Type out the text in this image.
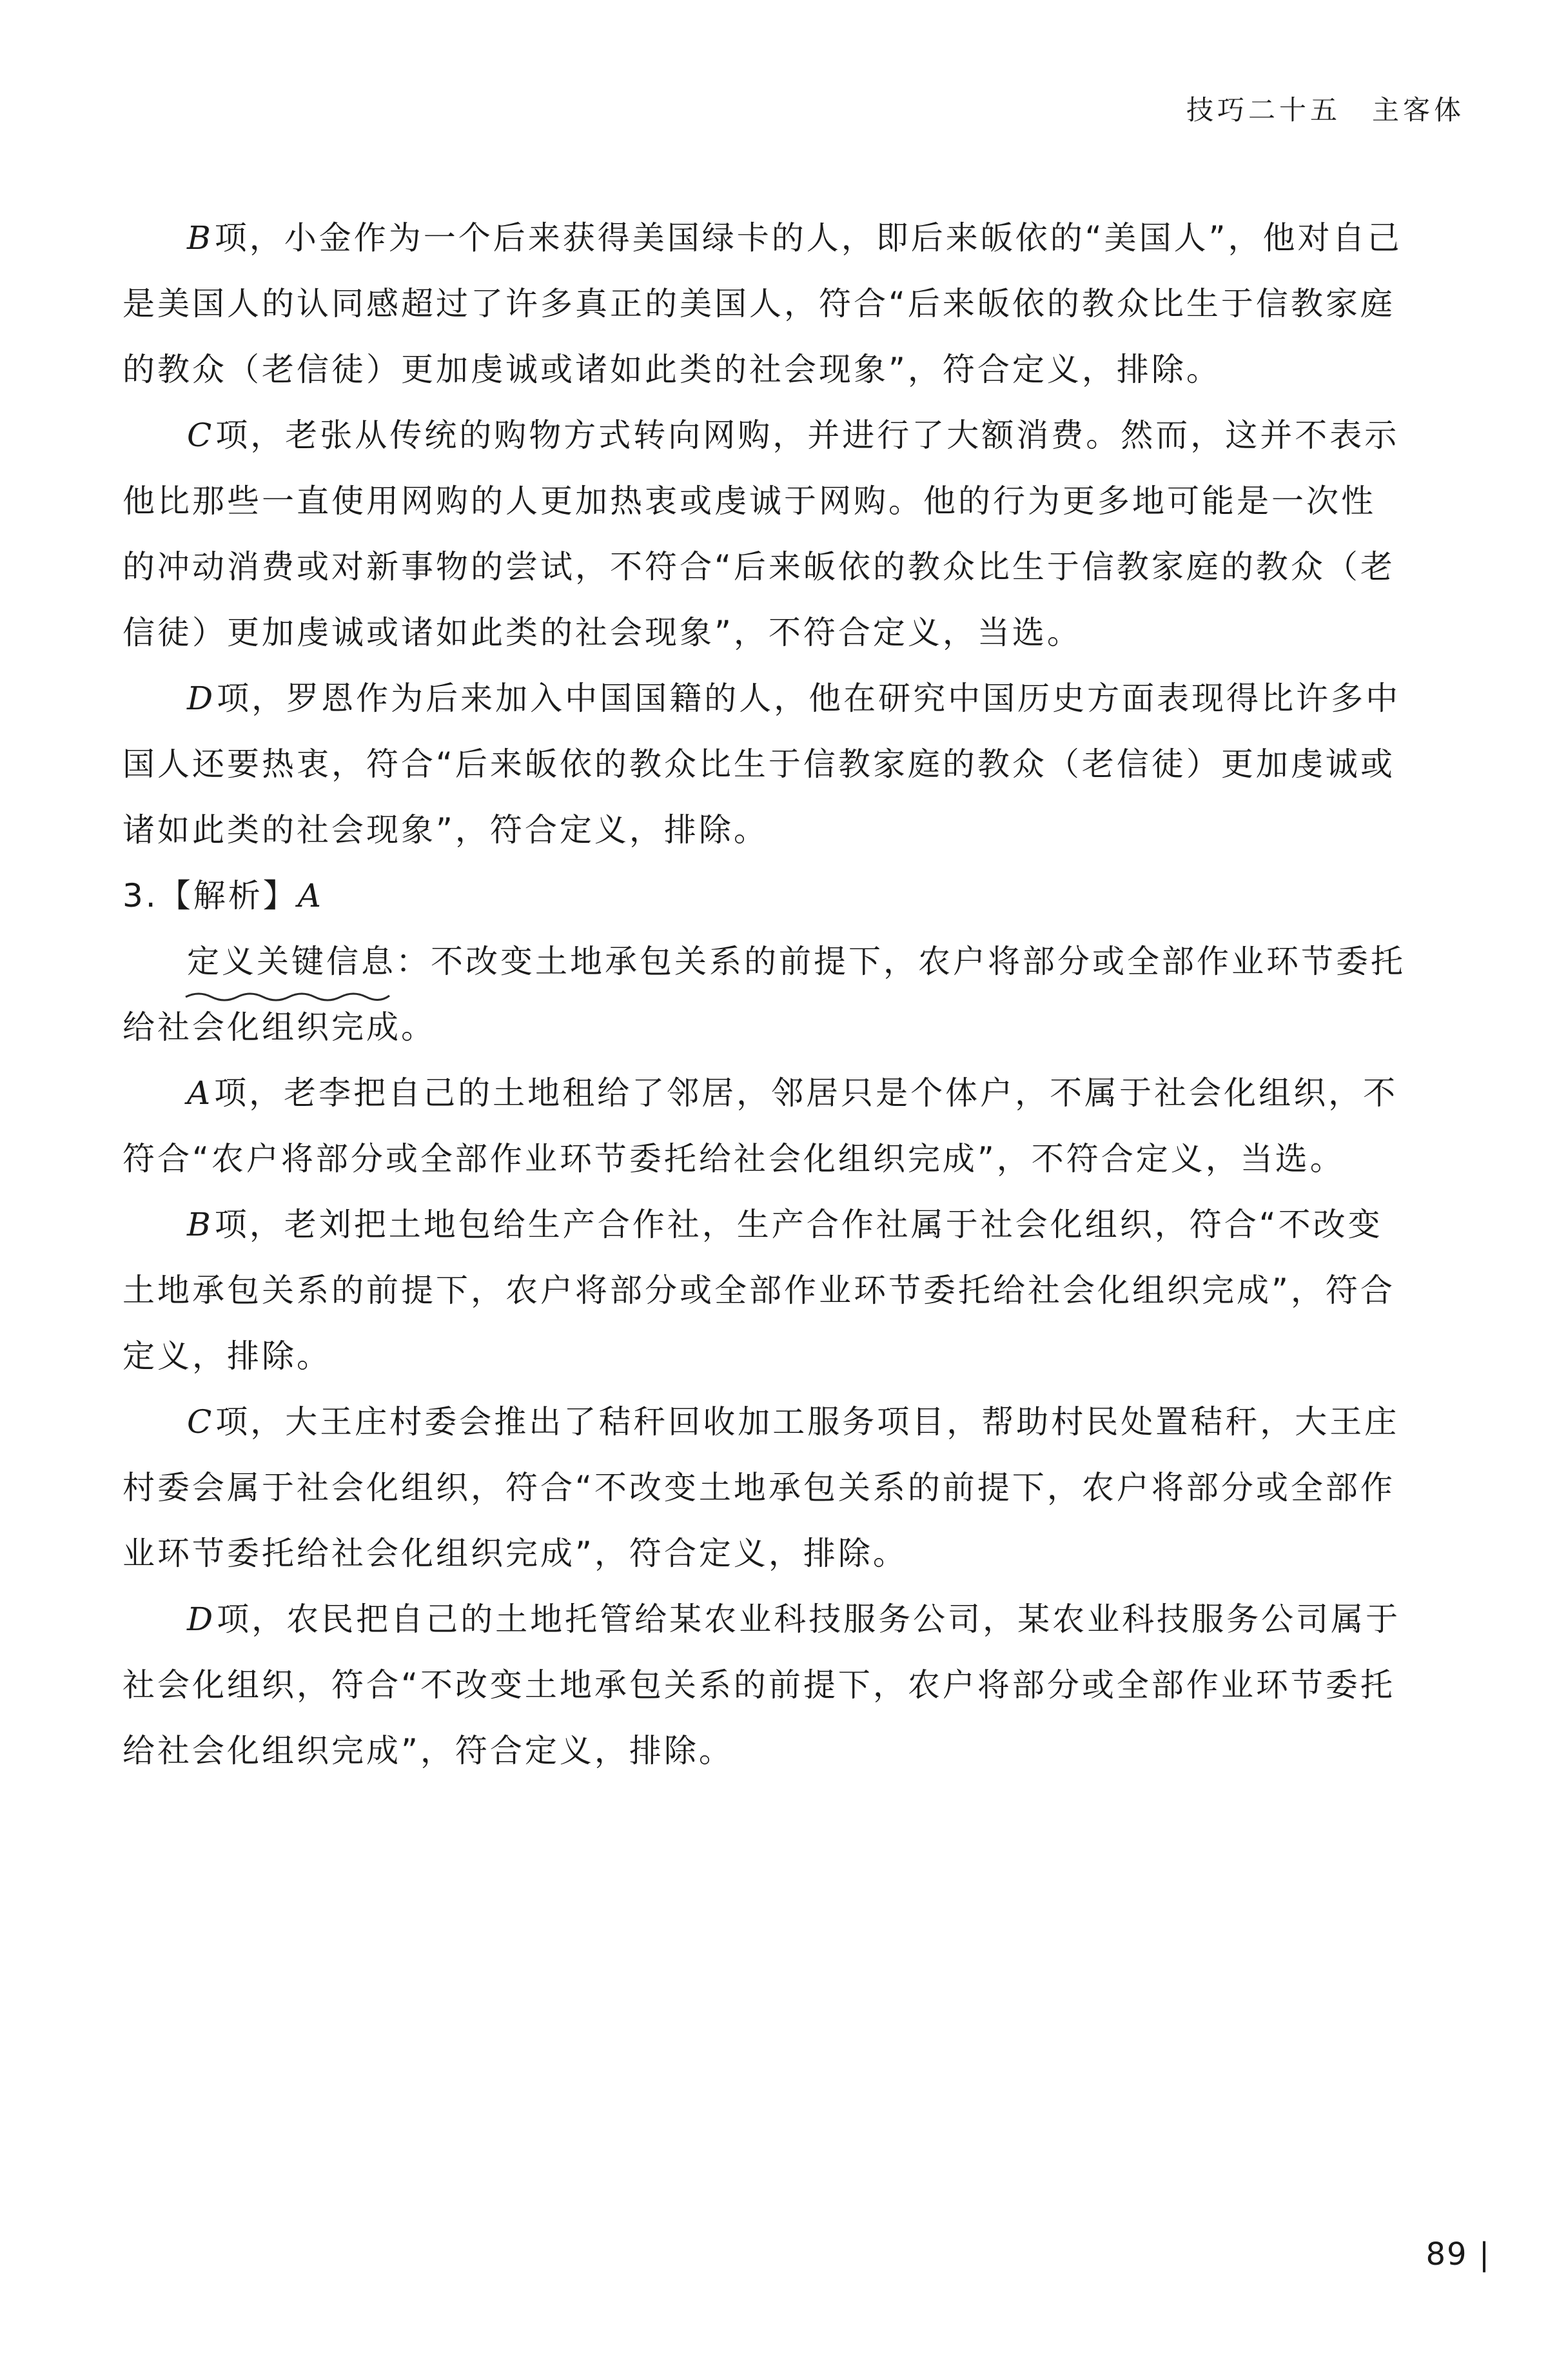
技巧二十五　主客体

B项，小金作为一个后来获得美国绿卡的人，即后来皈依的“美国人”，他对自己是美国人的认同感超过了许多真正的美国人，符合“后来皈依的教众比生于信教家庭的教众（老信徒）更加虔诚或诸如此类的社会现象”，符合定义，排除。

C项，老张从传统的购物方式转向网购，并进行了大额消费。然而，这并不表示他比那些一直使用网购的人更加热衷或虔诚于网购。他的行为更多地可能是一次性的冲动消费或对新事物的尝试，不符合“后来皈依的教众比生于信教家庭的教众（老信徒）更加虔诚或诸如此类的社会现象”，不符合定义，当选。

D项，罗恩作为后来加入中国国籍的人，他在研究中国历史方面表现得比许多中国人还要热衷，符合“后来皈依的教众比生于信教家庭的教众（老信徒）更加虔诚或诸如此类的社会现象”，符合定义，排除。

3.【解析】A

定义关键信息
：不改变土地承包关系的前提下，农户将部分或全部作业环节委托给社会化组织完成。

A项，老李把自己的土地租给了邻居，邻居只是个体户，不属于社会化组织，不符合“农户将部分或全部作业环节委托给社会化组织完成”，不符合定义，当选。

B项，老刘把土地包给生产合作社，生产合作社属于社会化组织，符合“不改变土地承包关系的前提下，农户将部分或全部作业环节委托给社会化组织完成”，符合定义，排除。

C项，大王庄村委会推出了秸秆回收加工服务项目，帮助村民处置秸秆，大王庄村委会属于社会化组织，符合“不改变土地承包关系的前提下，农户将部分或全部作业环节委托给社会化组织完成”，符合定义，排除。

D项，农民把自己的土地托管给某农业科技服务公司，某农业科技服务公司属于社会化组织，符合“不改变土地承包关系的前提下，农户将部分或全部作业环节委托给社会化组织完成”，符合定义，排除。

89 |
